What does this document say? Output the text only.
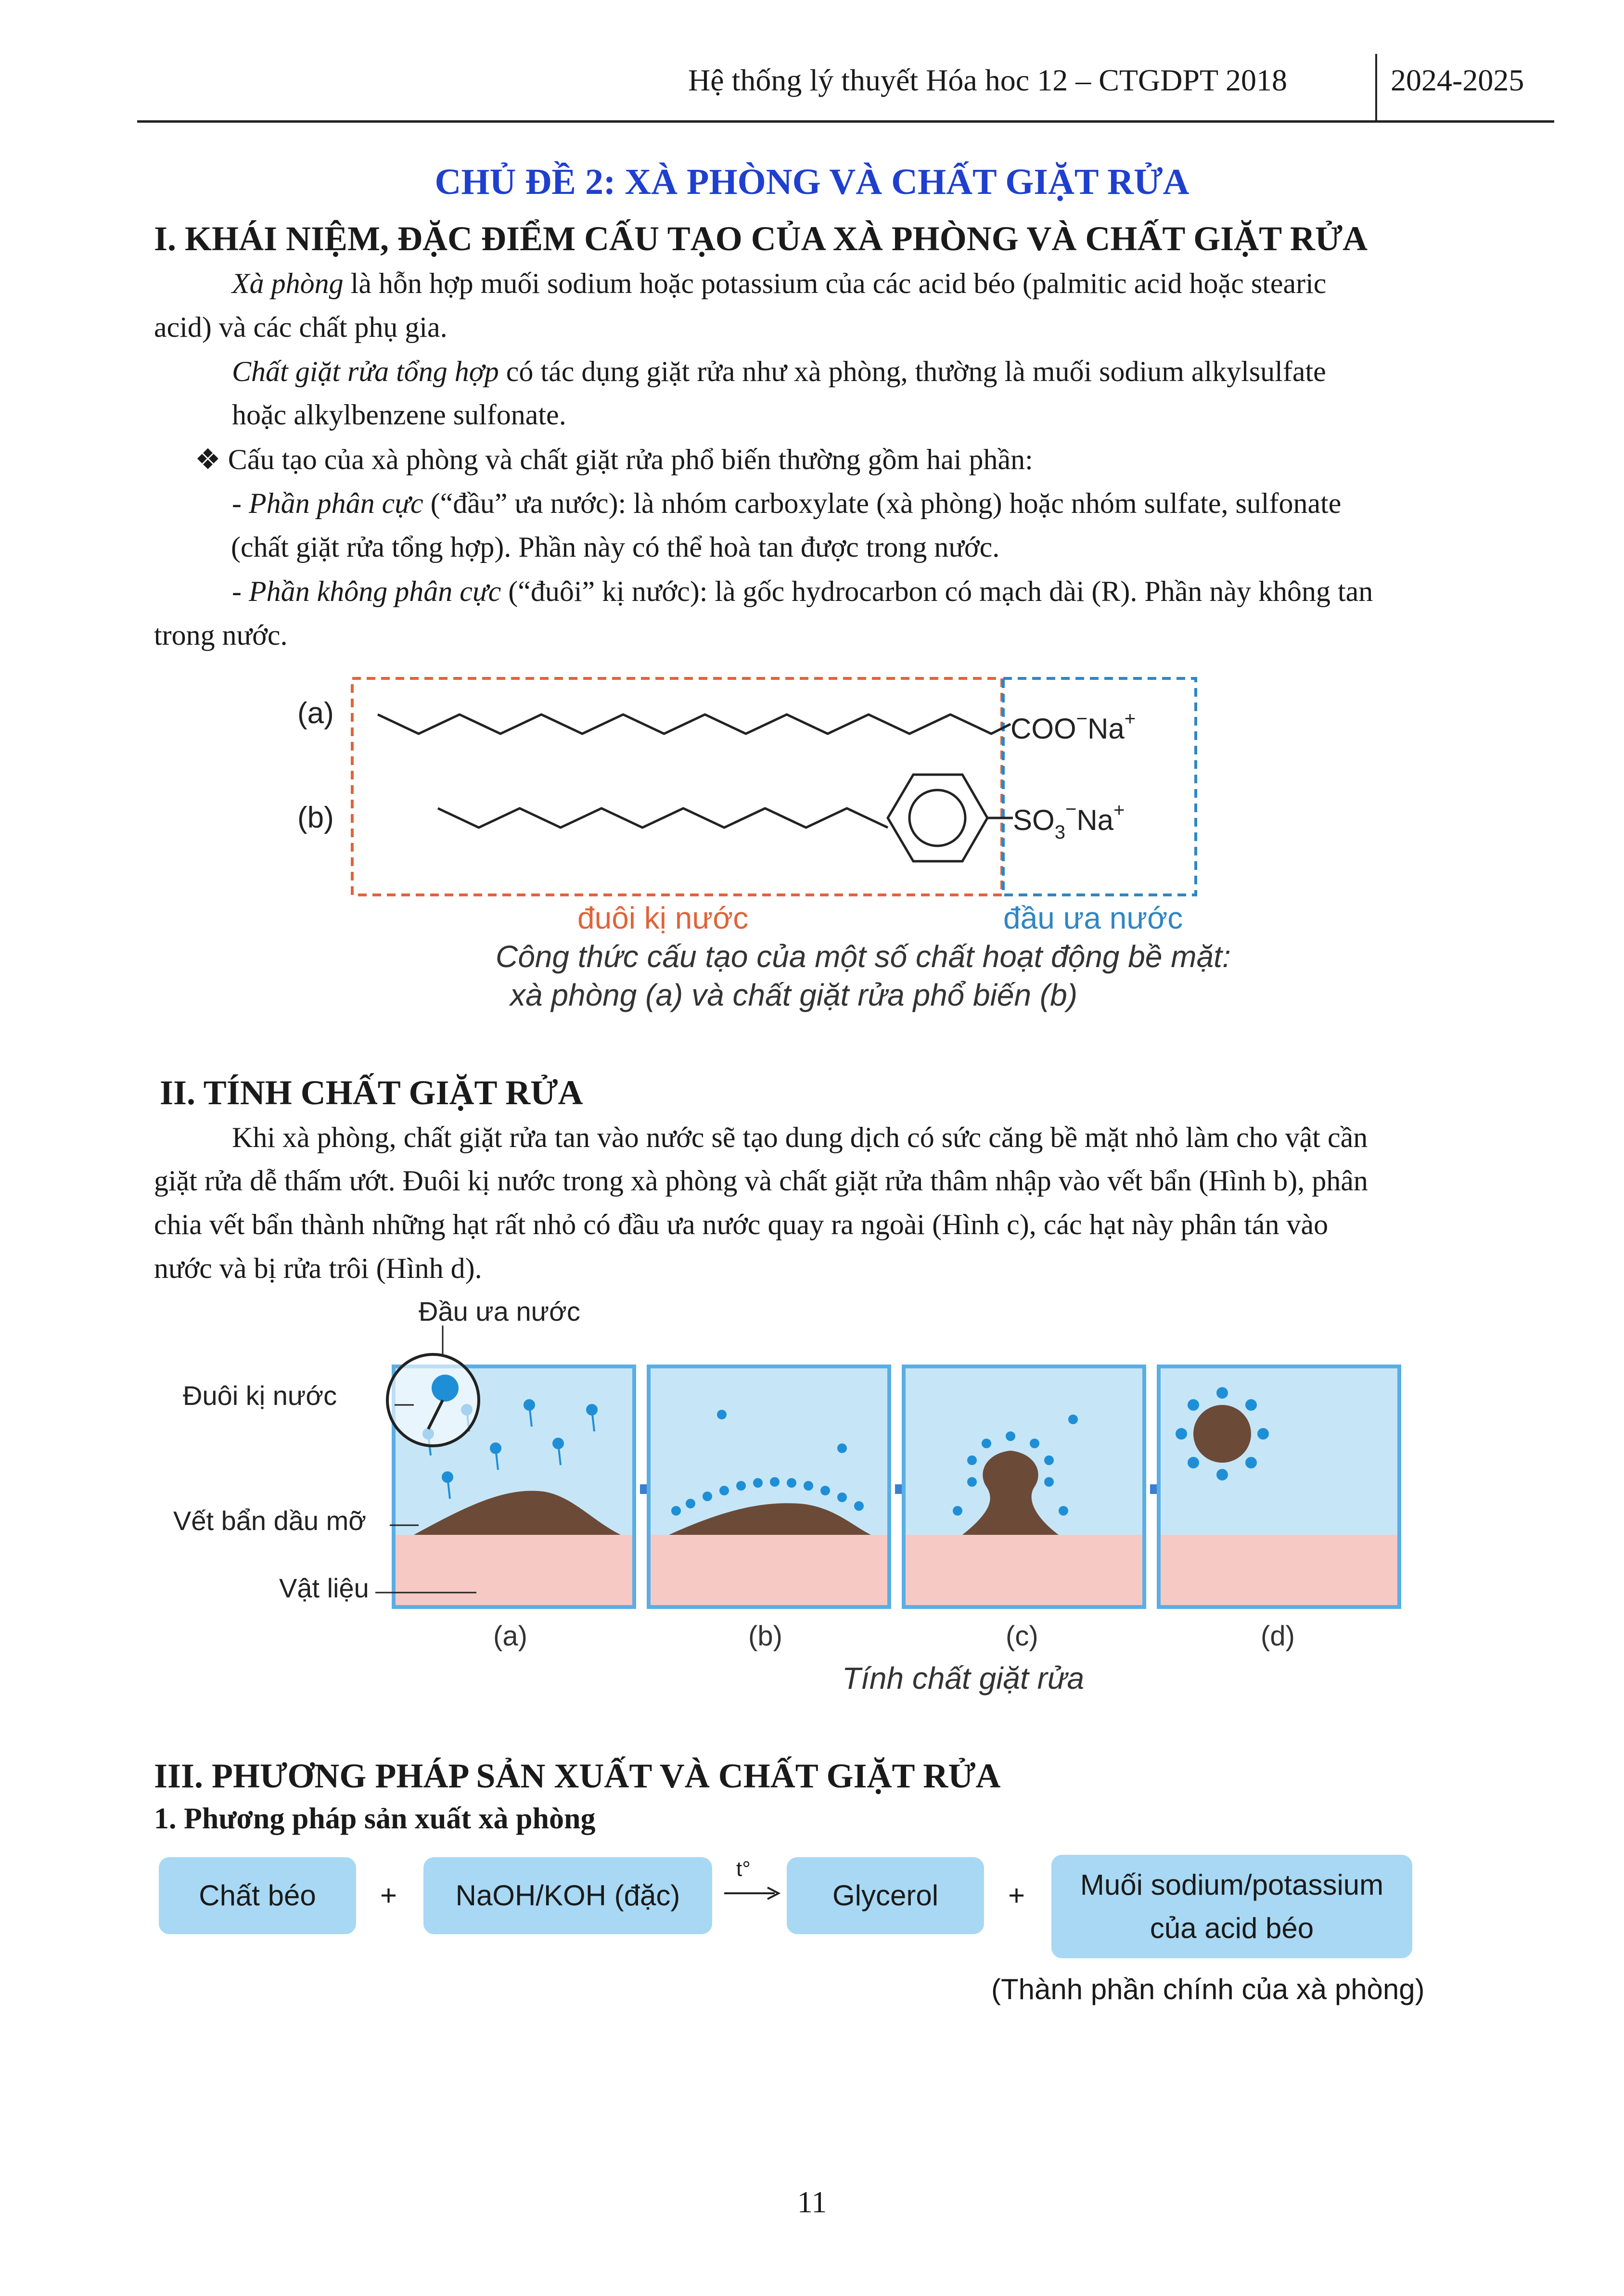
Hệ thống lý thuyết Hóa hoc 12 – CTGDPT 2018	2024-2025
CHỦ ĐỀ 2: XÀ PHÒNG VÀ CHẤT GIẶT RỬA
I. KHÁI NIỆM, ĐẶC ĐIỂM CẤU TẠO CỦA XÀ PHÒNG VÀ CHẤT GIẶT RỬA
Xà phòng là hỗn hợp muối sodium hoặc potassium của các acid béo (palmitic acid hoặc stearic
acid) và các chất phụ gia.
Chất giặt rửa tổng hợp có tác dụng giặt rửa như xà phòng, thường là muối sodium alkylsulfate
hoặc alkylbenzene sulfonate.
❖ Cấu tạo của xà phòng và chất giặt rửa phổ biến thường gồm hai phần:
- Phần phân cực (“đầu” ưa nước): là nhóm carboxylate (xà phòng) hoặc nhóm sulfate, sulfonate
(chất giặt rửa tổng hợp). Phần này có thể hoà tan được trong nước.
- Phần không phân cực (“đuôi” kị nước): là gốc hydrocarbon có mạch dài (R). Phần này không tan
trong nước.
(a)
(b)
COO−Na+
$SO_3^-Na^+$
đuôi kị nước	đầu ưa nước
Công thức cấu tạo của một số chất hoạt động bề mặt:
xà phòng (a) và chất giặt rửa phổ biến (b)
II. TÍNH CHẤT GIẶT RỬA
Khi xà phòng, chất giặt rửa tan vào nước sẽ tạo dung dịch có sức căng bề mặt nhỏ làm cho vật cần
giặt rửa dễ thấm ướt. Đuôi kị nước trong xà phòng và chất giặt rửa thâm nhập vào vết bẩn (Hình b), phân
chia vết bẩn thành những hạt rất nhỏ có đầu ưa nước quay ra ngoài (Hình c), các hạt này phân tán vào
nước và bị rửa trôi (Hình d).
Đầu ưa nước
Đuôi kị nước
Vết bẩn dầu mỡ
Vật liệu
(a)	(b)	(c)	(d)
Tính chất giặt rửa
III. PHƯƠNG PHÁP SẢN XUẤT VÀ CHẤT GIẶT RỬA
1. Phương pháp sản xuất xà phòng
Chất béo	+	NaOH/KOH (đặc)
t°
Glycerol	+ Muối sodium/potassium
của acid béo
(Thành phần chính của xà phòng)
11
